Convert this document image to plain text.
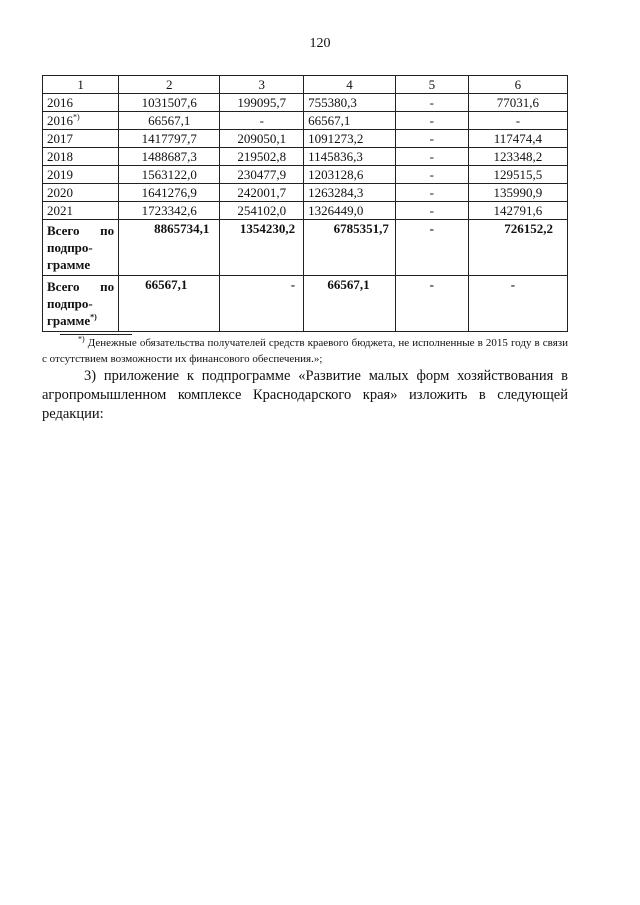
120
1	2	3	4	5	6
2016	1031507,6	199095,7	755380,3	-	77031,6
2016*)	66567,1	-	66567,1	-	-
2017	1417797,7	209050,1	1091273,2	-	117474,4
2018	1488687,3	219502,8	1145836,3	-	123348,2
2019	1563122,0	230477,9	1203128,6	-	129515,5
2020	1641276,9	242001,7	1263284,3	-	135990,9
2021	1723342,6	254102,0	1326449,0	-	142791,6

Всего по
подпро-
грамме	8865734,1	1354230,2	6785351,7	-	726152,2

Всего по
подпро-
грамме*)	66567,1	-	66567,1	-	-
*) Денежные обязательства получателей средств краевого бюджета, не исполненные в 2015 году в связи с отсутствием возможности их финансового обеспечения.»;
3) приложение к подпрограмме «Развитие малых форм хозяйствования в агропромышленном комплексе Краснодарского края» изложить в следующей редакции:
